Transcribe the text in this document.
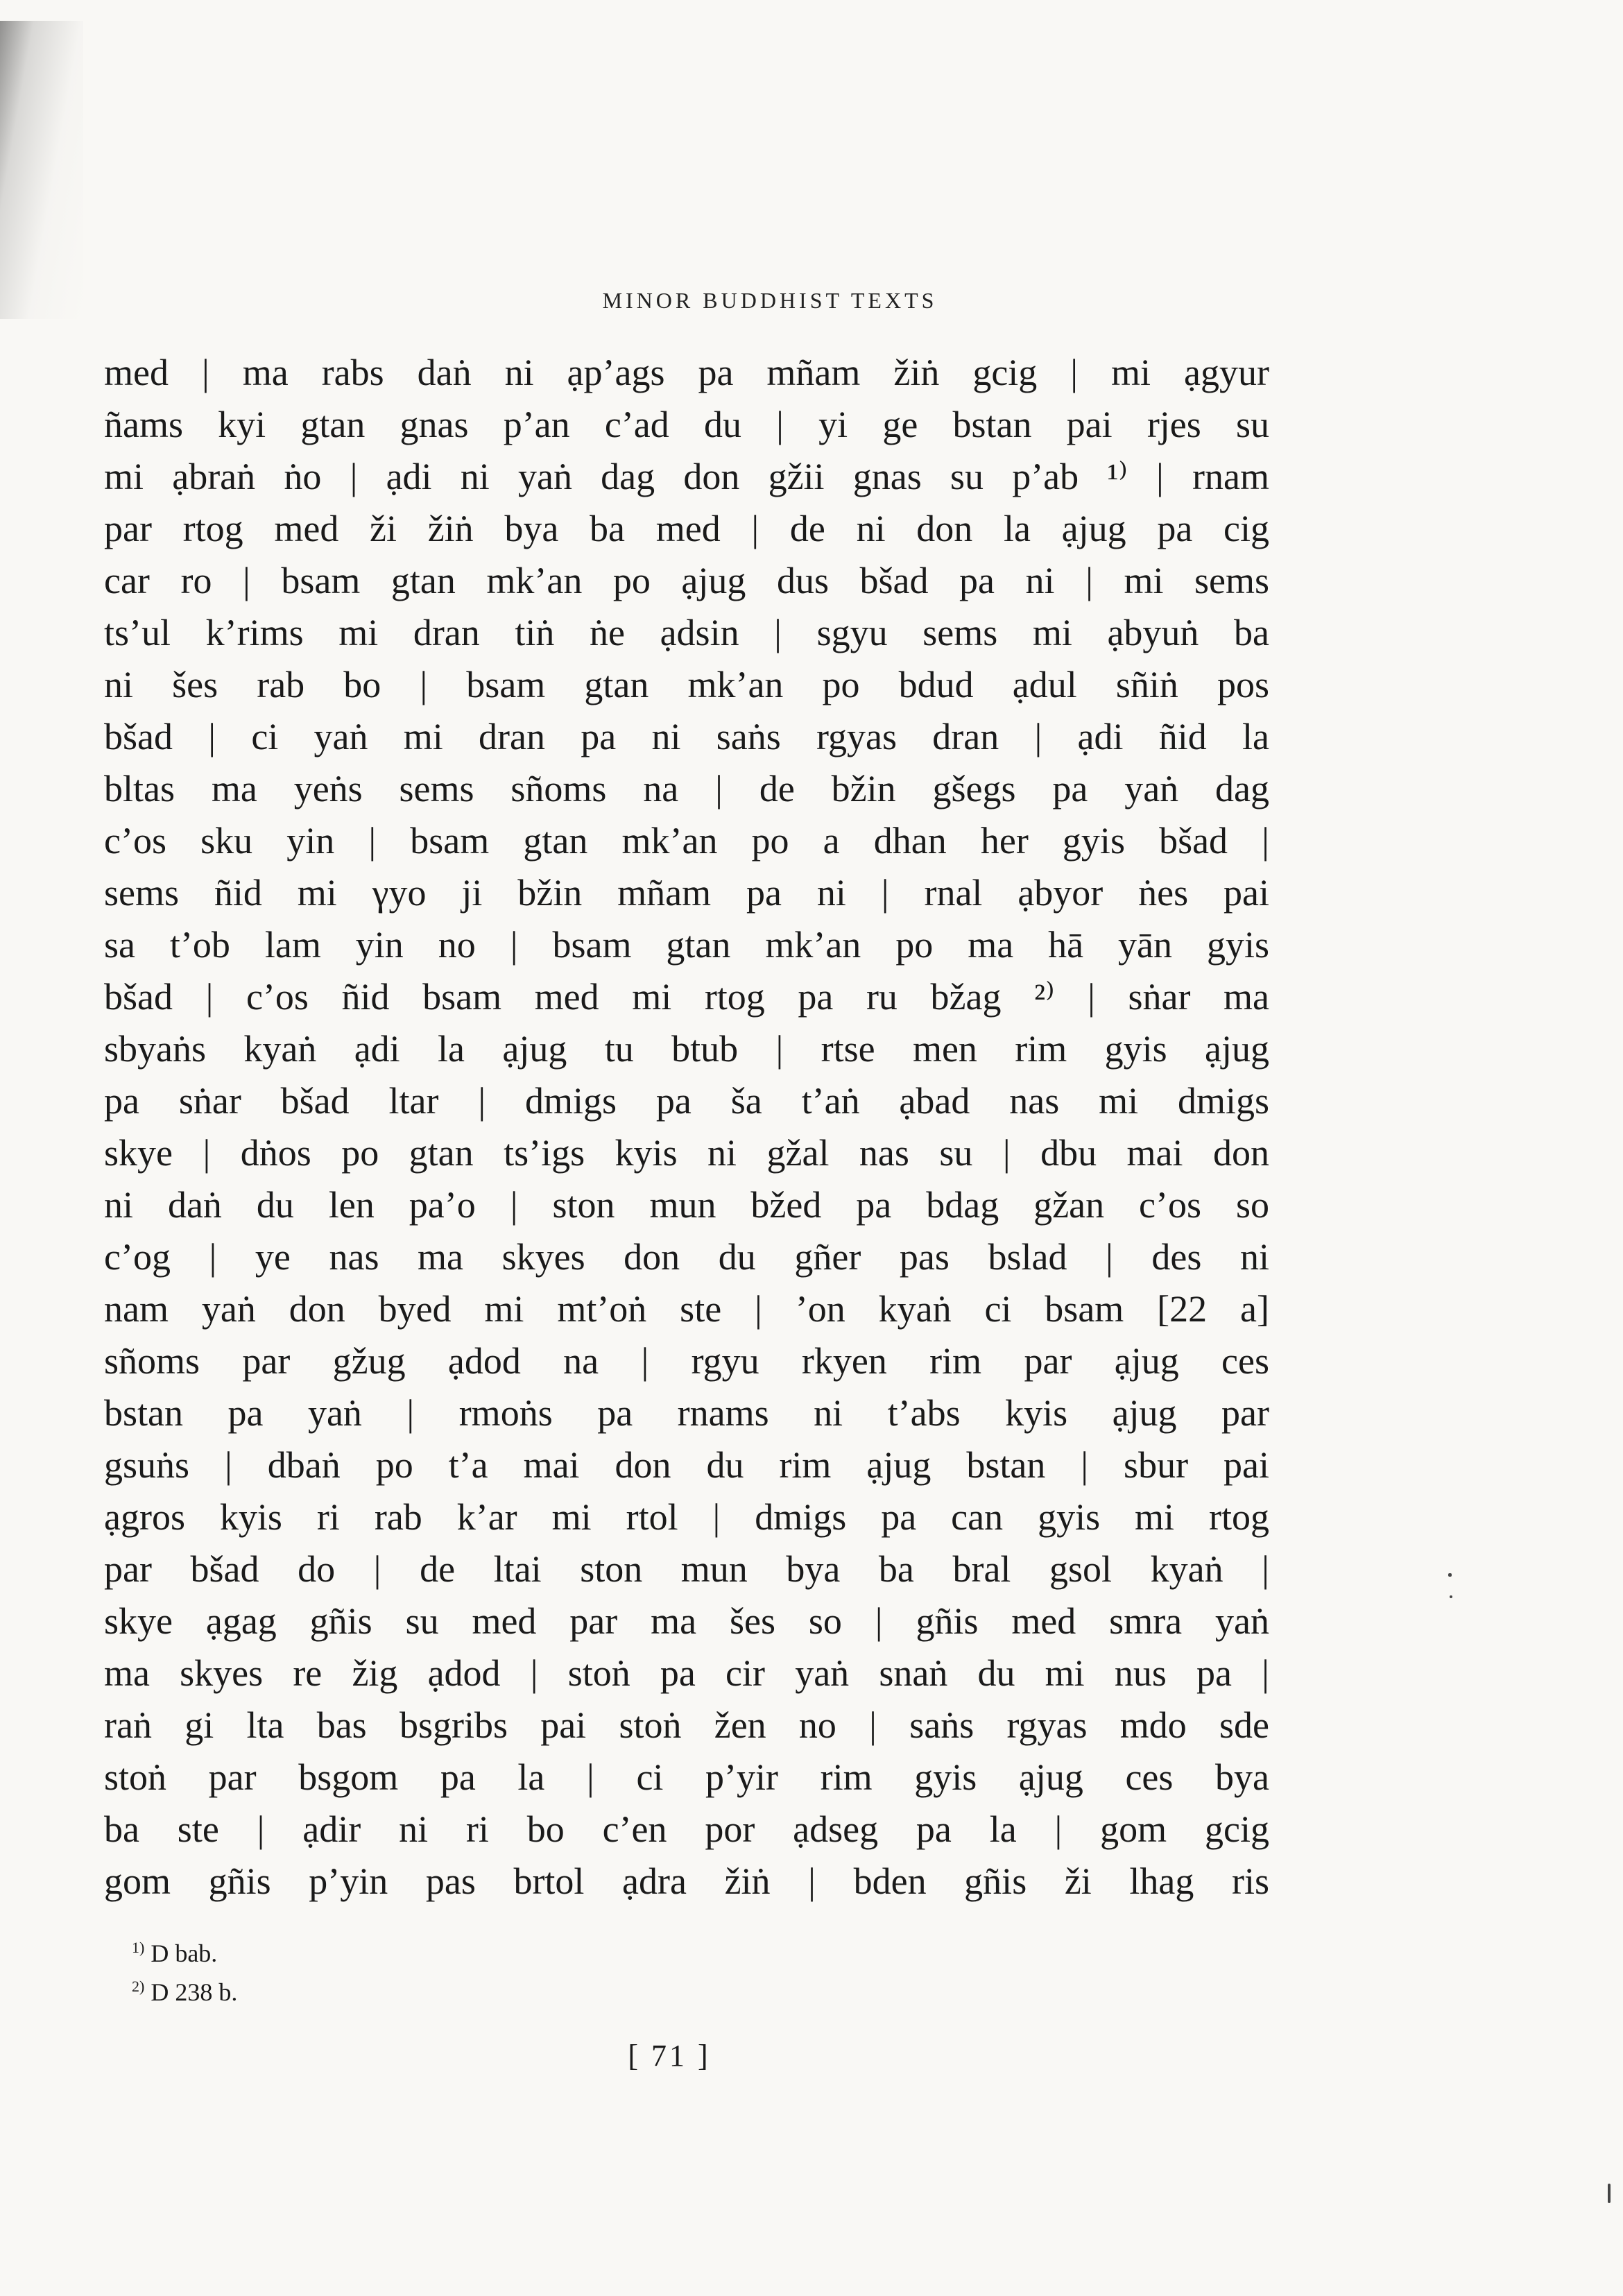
MINOR BUDDHIST TEXTS
med | ma rabs daṅ ni ạp’ags pa mñam žiṅ gcig | mi ạgyur
ñams kyi gtan gnas p’an c’ad du | yi ge bstan pai rjes su
mi ạbraṅ ṅo | ạdi ni yaṅ dag don gžii gnas su p’ab ¹⁾ | rnam
par rtog med ži žiṅ bya ba med | de ni don la ạjug pa cig
car ro | bsam gtan mk’an po ạjug dus bšad pa ni | mi sems
ts’ul k’rims mi dran tiṅ ṅe ạdsin | sgyu sems mi ạbyuṅ ba
ni šes rab bo | bsam gtan mk’an po bdud ạdul sñiṅ pos
bšad | ci yaṅ mi dran pa ni saṅs rgyas dran | ạdi ñid la
bltas ma yeṅs sems sñoms na | de bžin gšegs pa yaṅ dag
c’os sku yin | bsam gtan mk’an po a dhan her gyis bšad |
sems ñid mi γyo ji bžin mñam pa ni | rnal ạbyor ṅes pai
sa t’ob lam yin no | bsam gtan mk’an po ma hā yān gyis
bšad | c’os ñid bsam med mi rtog pa ru bžag ²⁾ | sṅar ma
sbyaṅs kyaṅ ạdi la ạjug tu btub | rtse men rim gyis ạjug
pa sṅar bšad ltar | dmigs pa ša t’aṅ ạbad nas mi dmigs
skye | dṅos po gtan ts’igs kyis ni gžal nas su | dbu mai don
ni daṅ du len pa’o | ston mun bžed pa bdag gžan c’os so
c’og | ye nas ma skyes don du gñer pas bslad | des ni
nam yaṅ don byed mi mt’oṅ ste | ’on kyaṅ ci bsam [22 a]
sñoms par gžug ạdod na | rgyu rkyen rim par ạjug ces
bstan pa yaṅ | rmoṅs pa rnams ni t’abs kyis ạjug par
gsuṅs | dbaṅ po t’a mai don du rim ạjug bstan | sbur pai
ạgros kyis ri rab k’ar mi rtol | dmigs pa can gyis mi rtog
par bšad do | de ltai ston mun bya ba bral gsol kyaṅ |
skye ạgag gñis su med par ma šes so | gñis med smra yaṅ
ma skyes re žig ạdod | stoṅ pa cir yaṅ snaṅ du mi nus pa |
raṅ gi lta bas bsgribs pai stoṅ žen no | saṅs rgyas mdo sde
stoṅ par bsgom pa la | ci p’yir rim gyis ạjug ces bya
ba ste | ạdir ni ri bo c’en por ạdseg pa la | gom gcig
gom gñis p’yin pas brtol ạdra žiṅ | bden gñis ži lhag ris
$^{1)}$ D bab.
$^{2)}$ D 238 b.
[ 71 ]
